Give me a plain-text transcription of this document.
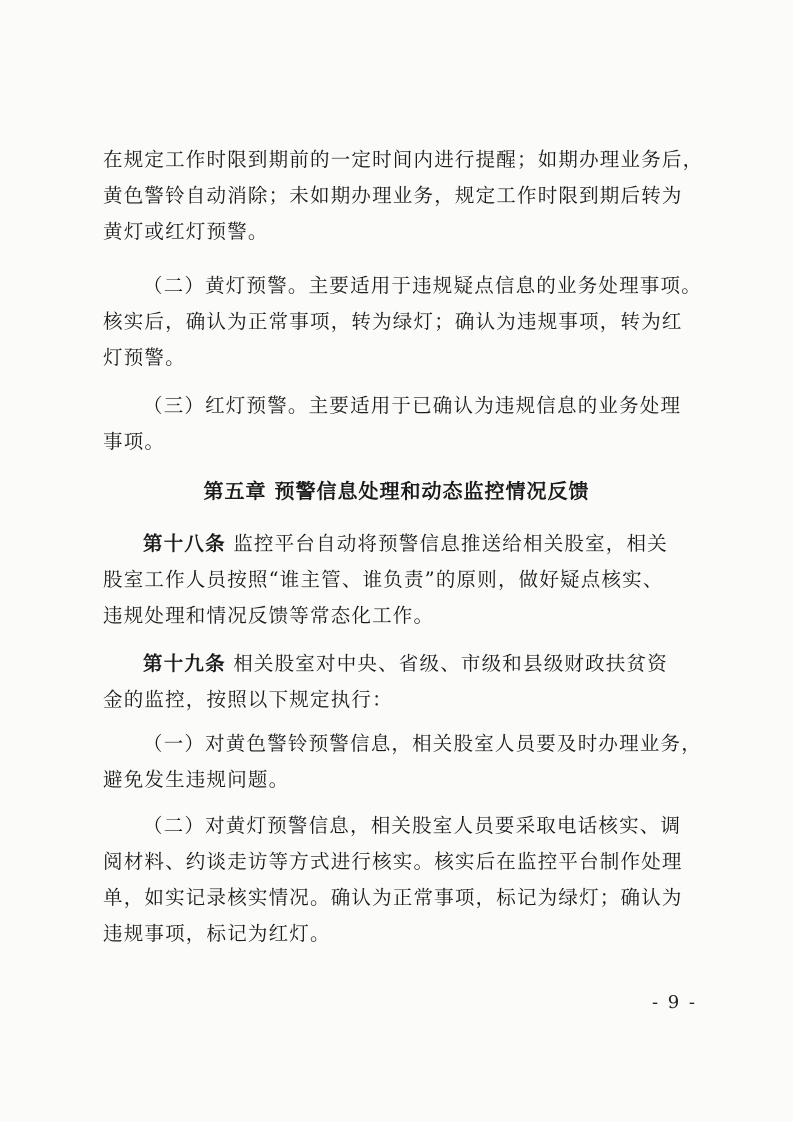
在规定工作时限到期前的一定时间内进行提醒；如期办理业务后，
黄色警铃自动消除；未如期办理业务，规定工作时限到期后转为
黄灯或红灯预警。
（二）黄灯预警。主要适用于违规疑点信息的业务处理事项。
核实后，确认为正常事项，转为绿灯；确认为违规事项，转为红
灯预警。
（三）红灯预警。主要适用于已确认为违规信息的业务处理
事项。
第五章 预警信息处理和动态监控情况反馈
第十八条 监控平台自动将预警信息推送给相关股室，相关
股室工作人员按照“谁主管、谁负责”的原则，做好疑点核实、
违规处理和情况反馈等常态化工作。
第十九条 相关股室对中央、省级、市级和县级财政扶贫资
金的监控，按照以下规定执行：
（一）对黄色警铃预警信息，相关股室人员要及时办理业务，
避免发生违规问题。
（二）对黄灯预警信息，相关股室人员要采取电话核实、调
阅材料、约谈走访等方式进行核实。核实后在监控平台制作处理
单，如实记录核实情况。确认为正常事项，标记为绿灯；确认为
违规事项，标记为红灯。
- 9 -
